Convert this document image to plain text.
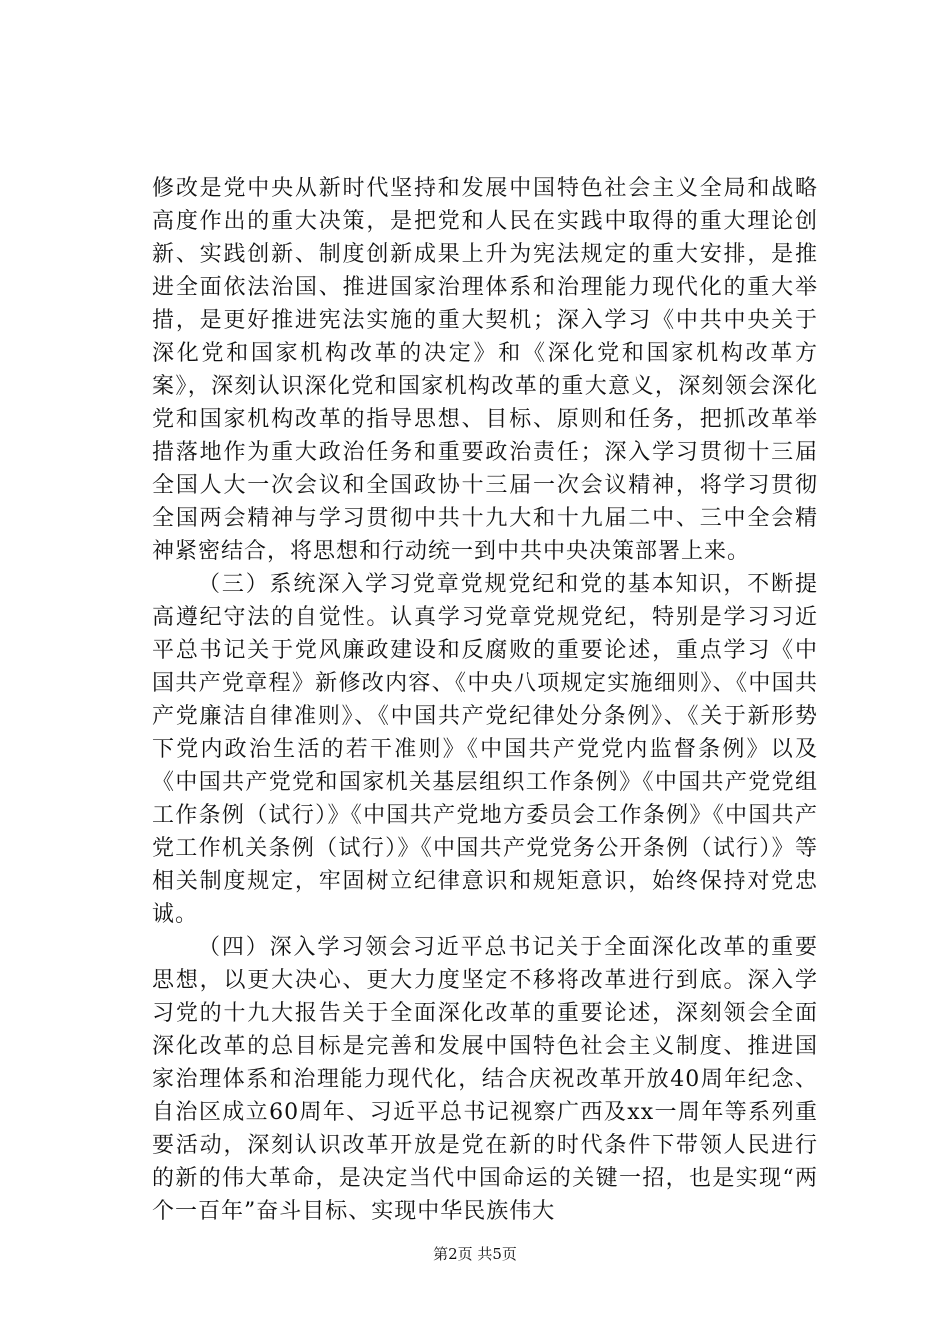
修改是党中央从新时代坚持和发展中国特色社会主义全局和战略高度作出的重大决策，是把党和人民在实践中取得的重大理论创新、实践创新、制度创新成果上升为宪法规定的重大安排，是推进全面依法治国、推进国家治理体系和治理能力现代化的重大举措，是更好推进宪法实施的重大契机；深入学习《中共中央关于深化党和国家机构改革的决定》和《深化党和国家机构改革方案》，深刻认识深化党和国家机构改革的重大意义，深刻领会深化党和国家机构改革的指导思想、目标、原则和任务，把抓改革举措落地作为重大政治任务和重要政治责任；深入学习贯彻十三届全国人大一次会议和全国政协十三届一次会议精神，将学习贯彻全国两会精神与学习贯彻中共十九大和十九届二中、三中全会精神紧密结合，将思想和行动统一到中共中央决策部署上来。

（三）系统深入学习党章党规党纪和党的基本知识，不断提高遵纪守法的自觉性。认真学习党章党规党纪，特别是学习习近平总书记关于党风廉政建设和反腐败的重要论述，重点学习《中国共产党章程》新修改内容、《中央八项规定实施细则》、《中国共产党廉洁自律准则》、《中国共产党纪律处分条例》、《关于新形势下党内政治生活的若干准则》《中国共产党党内监督条例》以及《中国共产党党和国家机关基层组织工作条例》《中国共产党党组工作条例（试行）》《中国共产党地方委员会工作条例》《中国共产党工作机关条例（试行）》《中国共产党党务公开条例（试行）》等相关制度规定，牢固树立纪律意识和规矩意识，始终保持对党忠诚。

（四）深入学习领会习近平总书记关于全面深化改革的重要思想，以更大决心、更大力度坚定不移将改革进行到底。深入学习党的十九大报告关于全面深化改革的重要论述，深刻领会全面深化改革的总目标是完善和发展中国特色社会主义制度、推进国家治理体系和治理能力现代化，结合庆祝改革开放40周年纪念、自治区成立60周年、习近平总书记视察广西及xx一周年等系列重要活动，深刻认识改革开放是党在新的时代条件下带领人民进行的新的伟大革命，是决定当代中国命运的关键一招，也是实现“两个一百年”奋斗目标、实现中华民族伟大

第2页 共5页
